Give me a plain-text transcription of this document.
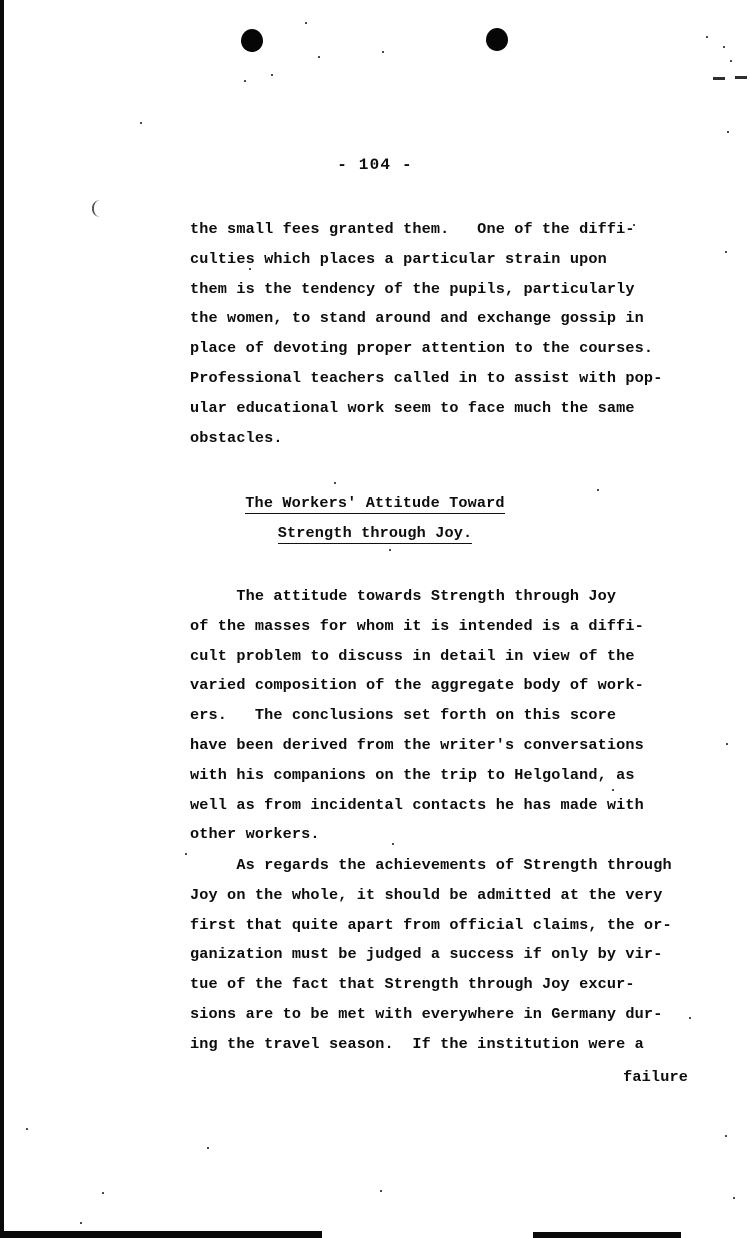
- 104 -
the small fees granted them.   One of the diffi-
culties which places a particular strain upon
them is the tendency of the pupils, particularly
the women, to stand around and exchange gossip in
place of devoting proper attention to the courses.
Professional teachers called in to assist with pop-
ular educational work seem to face much the same
obstacles.
The Workers' Attitude Toward
Strength through Joy.
The attitude towards Strength through Joy
of the masses for whom it is intended is a diffi-
cult problem to discuss in detail in view of the
varied composition of the aggregate body of work-
ers.   The conclusions set forth on this score
have been derived from the writer's conversations
with his companions on the trip to Helgoland, as
well as from incidental contacts he has made with
other workers.
As regards the achievements of Strength through
Joy on the whole, it should be admitted at the very
first that quite apart from official claims, the or-
ganization must be judged a success if only by vir-
tue of the fact that Strength through Joy excur-
sions are to be met with everywhere in Germany dur-
ing the travel season.  If the institution were a
failure
